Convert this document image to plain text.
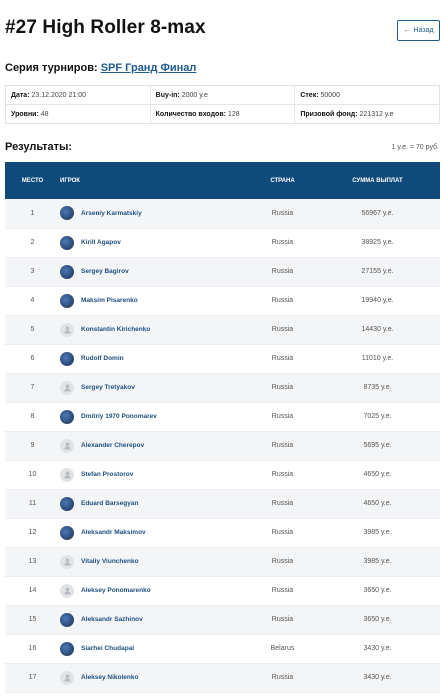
#27 High Roller 8-max	← Назад
Серия турниров: SPF Гранд Финал
Дата: 23.12.2020 21:00	Buy-in: 2000 у.е	Стек: 50000
Уровни: 48	Количество входов: 128	Призовой фонд: 221312 у.е
Результаты:	1 у.е. = 70 руб.
МЕСТО	ИГРОК	СТРАНА	СУММА ВЫПЛАТ
1	Arseniy Karmatskiy	Russia	56967 у.е.
2	Kirill Agapov	Russia	38925 у.е.
3	Sergey Bagirov	Russia	27155 у.е.
4	Maksim Pisarenko	Russia	19940 у.е.
5	Konstantin Kirichenko	Russia	14430 у.е.
6	Rudolf Domin	Russia	11010 у.е.
7	Sergey Tretyakov	Russia	8735 у.е.
8	Dmitriy 1970 Ponomarev	Russia	7025 у.е.
9	Alexander Cherepov	Russia	5695 у.е.
10	Stefan Prostorov	Russia	4650 у.е.
11	Eduard Barsegyan	Russia	4650 у.е.
12	Aleksandr Maksimov	Russia	3985 у.е.
13	Vitaliy Viunchenko	Russia	3985 у.е.
14	Aleksey Ponomarenko	Russia	3650 у.е.
15	Aleksandr Sazhinov	Russia	3650 у.е.
16	Siarhei Chudapal	Belarus	3430 у.е.
17	Aleksey Nikolenko	Russia	3430 у.е.
